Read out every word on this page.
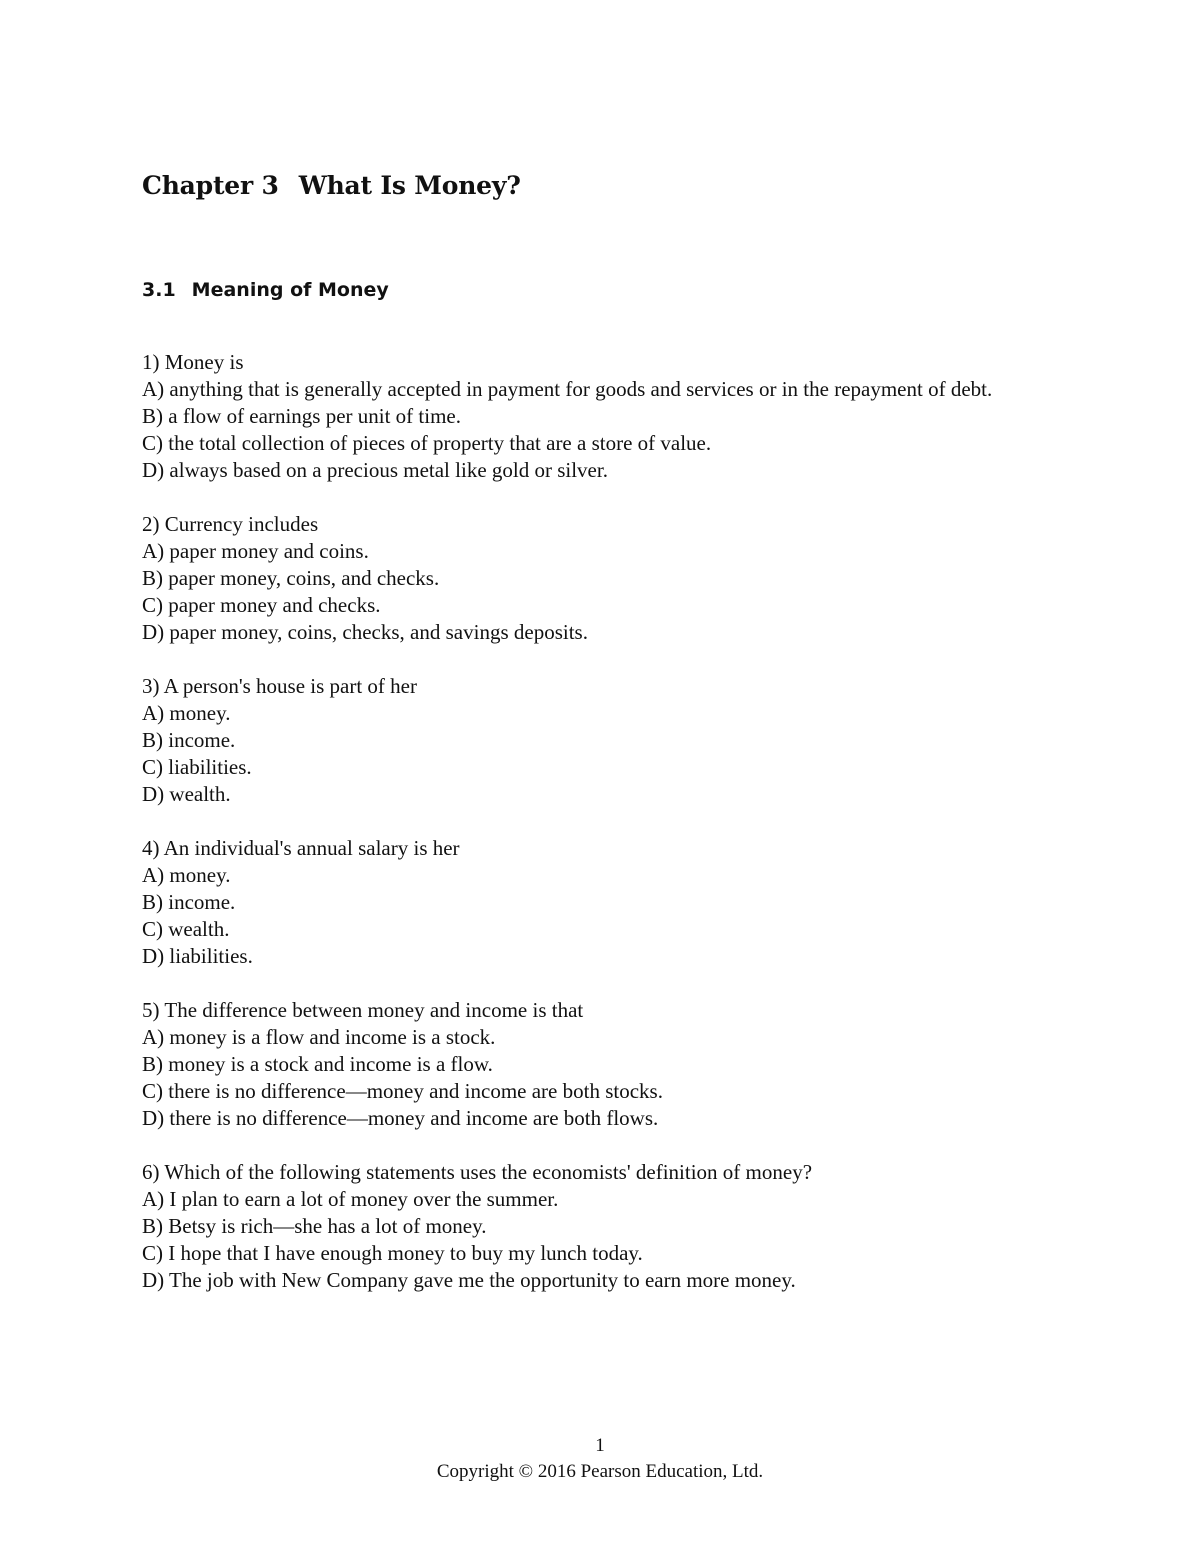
Chapter 3 What Is Money?
3.1 Meaning of Money

1) Money is

A) anything that is generally accepted in payment for goods and services or in the repayment of debt.
B) a flow of earnings per unit of time.
C) the total collection of pieces of property that are a store of value.
D) always based on a precious metal like gold or silver.

2) Currency includes

A) paper money and coins.
B) paper money, coins, and checks.
C) paper money and checks.
D) paper money, coins, checks, and savings deposits.

3) A person's house is part of her

A) money.
B) income.
C) liabilities.
D) wealth.

4) An individual's annual salary is her

A) money.
B) income.
C) wealth.
D) liabilities.

5) The difference between money and income is that

A) money is a flow and income is a stock.
B) money is a stock and income is a flow.
C) there is no difference—money and income are both stocks.
D) there is no difference—money and income are both flows.

6) Which of the following statements uses the economists' definition of money?

A) I plan to earn a lot of money over the summer.
B) Betsy is rich—she has a lot of money.
C) I hope that I have enough money to buy my lunch today.
D) The job with New Company gave me the opportunity to earn more money.
1
Copyright © 2016 Pearson Education, Ltd.
